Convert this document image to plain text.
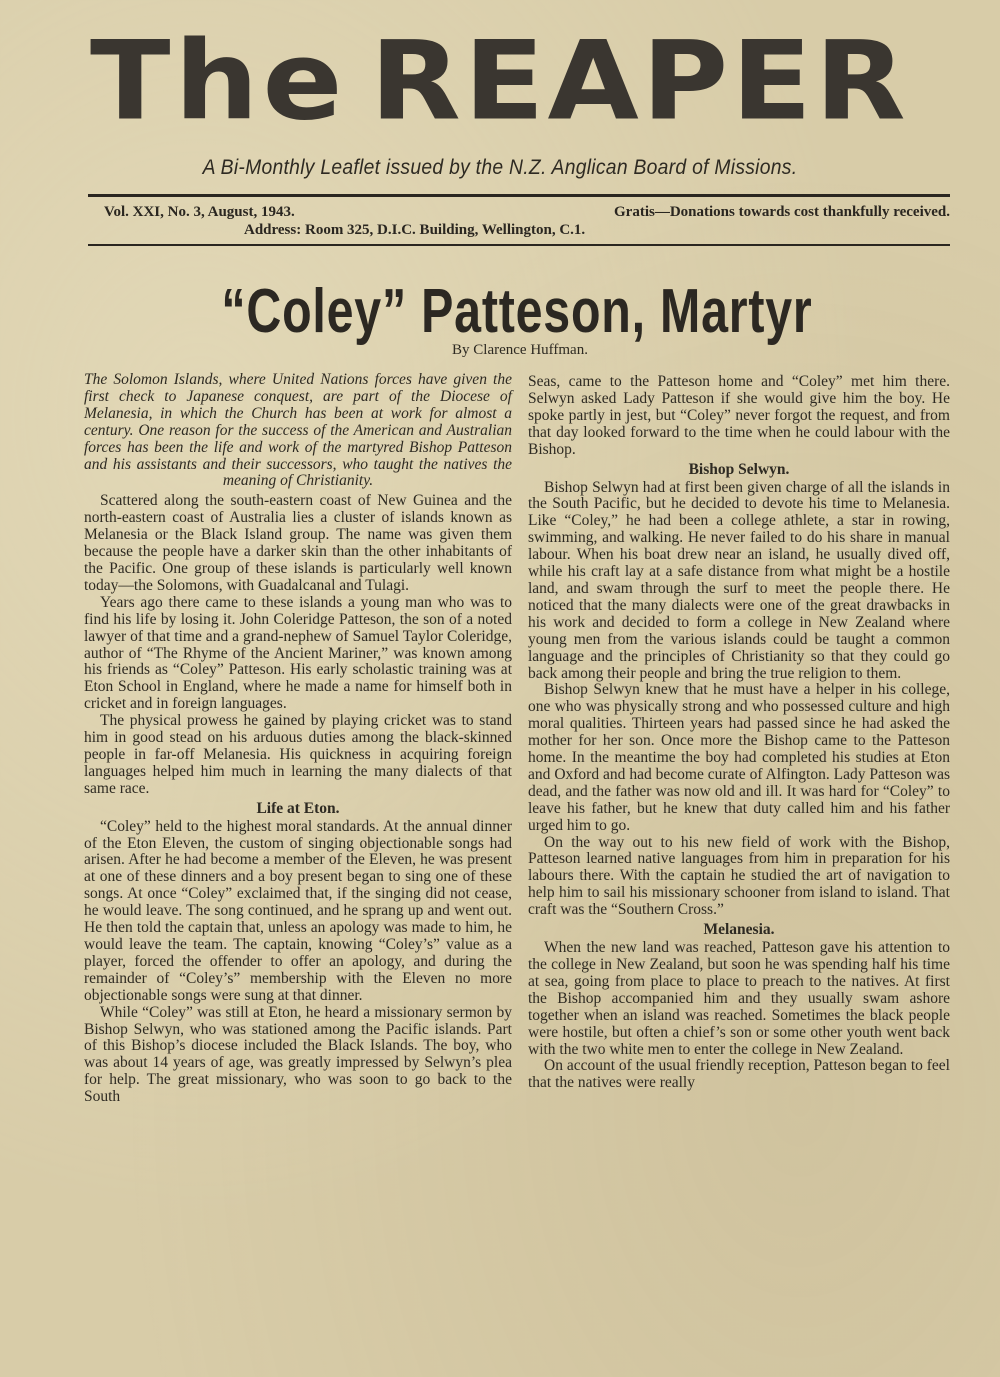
The REAPER
A Bi-Monthly Leaflet issued by the N.Z. Anglican Board of Missions.
Vol. XXI, No. 3, August, 1943.	Gratis—Donations towards cost thankfully received.
Address: Room 325, D.I.C. Building, Wellington, C.1.
“Coley” Patteson, Martyr
By Clarence Huffman.

The Solomon Islands, where United Nations forces have given the first check to Japanese conquest, are part of the Diocese of Melanesia, in which the Church has been at work for almost a century. One reason for the success of the American and Australian forces has been the life and work of the martyred Bishop Patteson and his assistants and their successors, who taught the natives the meaning of Christianity.

Scattered along the south-eastern coast of New Guinea and the north-eastern coast of Australia lies a cluster of islands known as Melanesia or the Black Island group. The name was given them because the people have a darker skin than the other inhabitants of the Pacific. One group of these islands is particularly well known today—the Solomons, with Guadalcanal and Tulagi.

Years ago there came to these islands a young man who was to find his life by losing it. John Coleridge Patteson, the son of a noted lawyer of that time and a grand-nephew of Samuel Taylor Coleridge, author of “The Rhyme of the Ancient Mariner,” was known among his friends as “Coley” Patteson. His early scholastic training was at Eton School in England, where he made a name for himself both in cricket and in foreign languages.

The physical prowess he gained by playing cricket was to stand him in good stead on his arduous duties among the black-skinned people in far-off Melanesia. His quickness in acquiring foreign languages helped him much in learning the many dialects of that same race.

Life at Eton.

“Coley” held to the highest moral standards. At the annual dinner of the Eton Eleven, the custom of singing objectionable songs had arisen. After he had become a member of the Eleven, he was present at one of these dinners and a boy present began to sing one of these songs. At once “Coley” exclaimed that, if the singing did not cease, he would leave. The song continued, and he sprang up and went out. He then told the captain that, unless an apology was made to him, he would leave the team. The captain, knowing “Coley’s” value as a player, forced the offender to offer an apology, and during the remainder of “Coley’s” membership with the Eleven no more objectionable songs were sung at that dinner.

While “Coley” was still at Eton, he heard a missionary sermon by Bishop Selwyn, who was stationed among the Pacific islands. Part of this Bishop’s diocese included the Black Islands. The boy, who was about 14 years of age, was greatly impressed by Selwyn’s plea for help. The great missionary, who was soon to go back to the South

Seas, came to the Patteson home and “Coley” met him there. Selwyn asked Lady Patteson if she would give him the boy. He spoke partly in jest, but “Coley” never forgot the request, and from that day looked forward to the time when he could labour with the Bishop.

Bishop Selwyn.

Bishop Selwyn had at first been given charge of all the islands in the South Pacific, but he decided to devote his time to Melanesia. Like “Coley,” he had been a college athlete, a star in rowing, swimming, and walking. He never failed to do his share in manual labour. When his boat drew near an island, he usually dived off, while his craft lay at a safe distance from what might be a hostile land, and swam through the surf to meet the people there. He noticed that the many dialects were one of the great drawbacks in his work and decided to form a college in New Zealand where young men from the various islands could be taught a common language and the principles of Christianity so that they could go back among their people and bring the true religion to them.

Bishop Selwyn knew that he must have a helper in his college, one who was physically strong and who possessed culture and high moral qualities. Thirteen years had passed since he had asked the mother for her son. Once more the Bishop came to the Patteson home. In the meantime the boy had completed his studies at Eton and Oxford and had become curate of Alfington. Lady Patteson was dead, and the father was now old and ill. It was hard for “Coley” to leave his father, but he knew that duty called him and his father urged him to go.

On the way out to his new field of work with the Bishop, Patteson learned native languages from him in preparation for his labours there. With the captain he studied the art of navigation to help him to sail his missionary schooner from island to island. That craft was the “Southern Cross.”

Melanesia.

When the new land was reached, Patteson gave his attention to the college in New Zealand, but soon he was spending half his time at sea, going from place to place to preach to the natives. At first the Bishop accompanied him and they usually swam ashore together when an island was reached. Sometimes the black people were hostile, but often a chief’s son or some other youth went back with the two white men to enter the college in New Zealand.

On account of the usual friendly reception, Patteson began to feel that the natives were really
